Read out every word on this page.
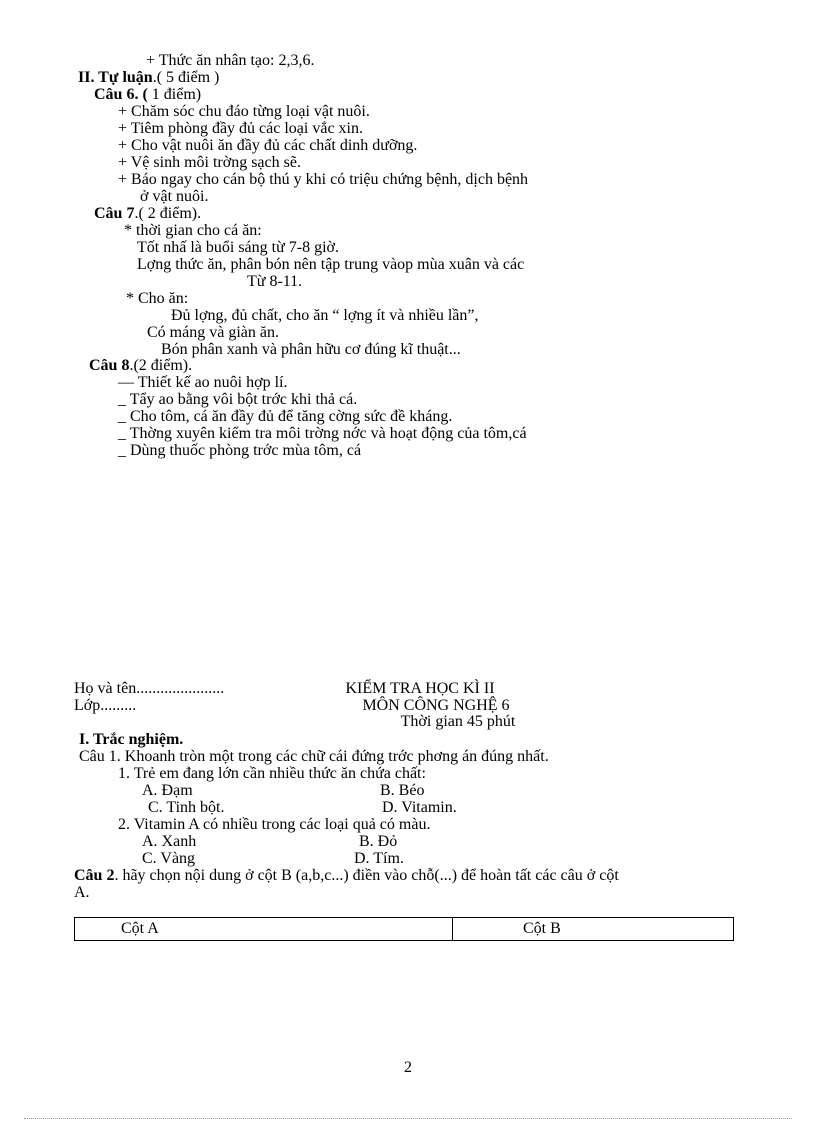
+ Thức ăn nhân tạo: 2,3,6.
II. Tự luận.( 5 điểm )
Câu 6. ( 1 điểm)
+ Chăm sóc chu đáo từng loại vật nuôi.
+ Tiêm phòng đầy đủ các loại vắc xin.
+ Cho vật nuôi ăn đầy đủ các chất dinh dưỡng.
+ Vệ sinh môi trờng sạch sẽ.
+ Báo ngay cho cán bộ thú y khi có triệu chứng bệnh, dịch bệnh
ở vật nuôi.
Câu 7.( 2 điểm).
* thời gian cho cá ăn:
Tốt nhấ là buổi sáng từ 7-8 giờ.
Lợng thức ăn, phân bón nên tập trung vàop mùa xuân và các
Từ 8-11.
* Cho ăn:
Đủ lợng, đủ chất, cho ăn “ lợng ít và nhiều lần”,
Có máng và giàn ăn.
Bón phân xanh và phân hữu cơ đúng kĩ thuật...
Câu 8.(2 điểm).
— Thiết kế ao nuôi hợp lí.
_ Tẩy ao bằng vôi bột trớc khi thả cá.
_ Cho tôm, cá ăn đầy đủ để tăng cờng sức đề kháng.
_ Thờng xuyên kiểm tra môi trờng nớc và hoạt động của tôm,cá
_ Dùng thuốc phòng trớc mùa tôm, cá
Họ và tên......................
Lớp.........
KIỂM TRA HỌC KÌ II
MÔN CÔNG NGHỆ 6
Thời gian 45 phút
I. Trắc nghiệm.
Câu 1. Khoanh tròn một trong các chữ cái đứng trớc phơng án đúng nhất.
1. Trẻ em đang lớn cần nhiều thức ăn chứa chất:
A. Đạm	B. Béo
C. Tinh bột.	D. Vitamin.
2. Vitamin A có nhiều trong các loại quả có màu.
A. Xanh	B. Đỏ
C. Vàng	D. Tím.
Câu 2. hãy chọn nội dung ở cột B (a,b,c...) điền vào chỗ(...) để hoàn tất các câu ở cột
A.
Cột A	Cột B
2
